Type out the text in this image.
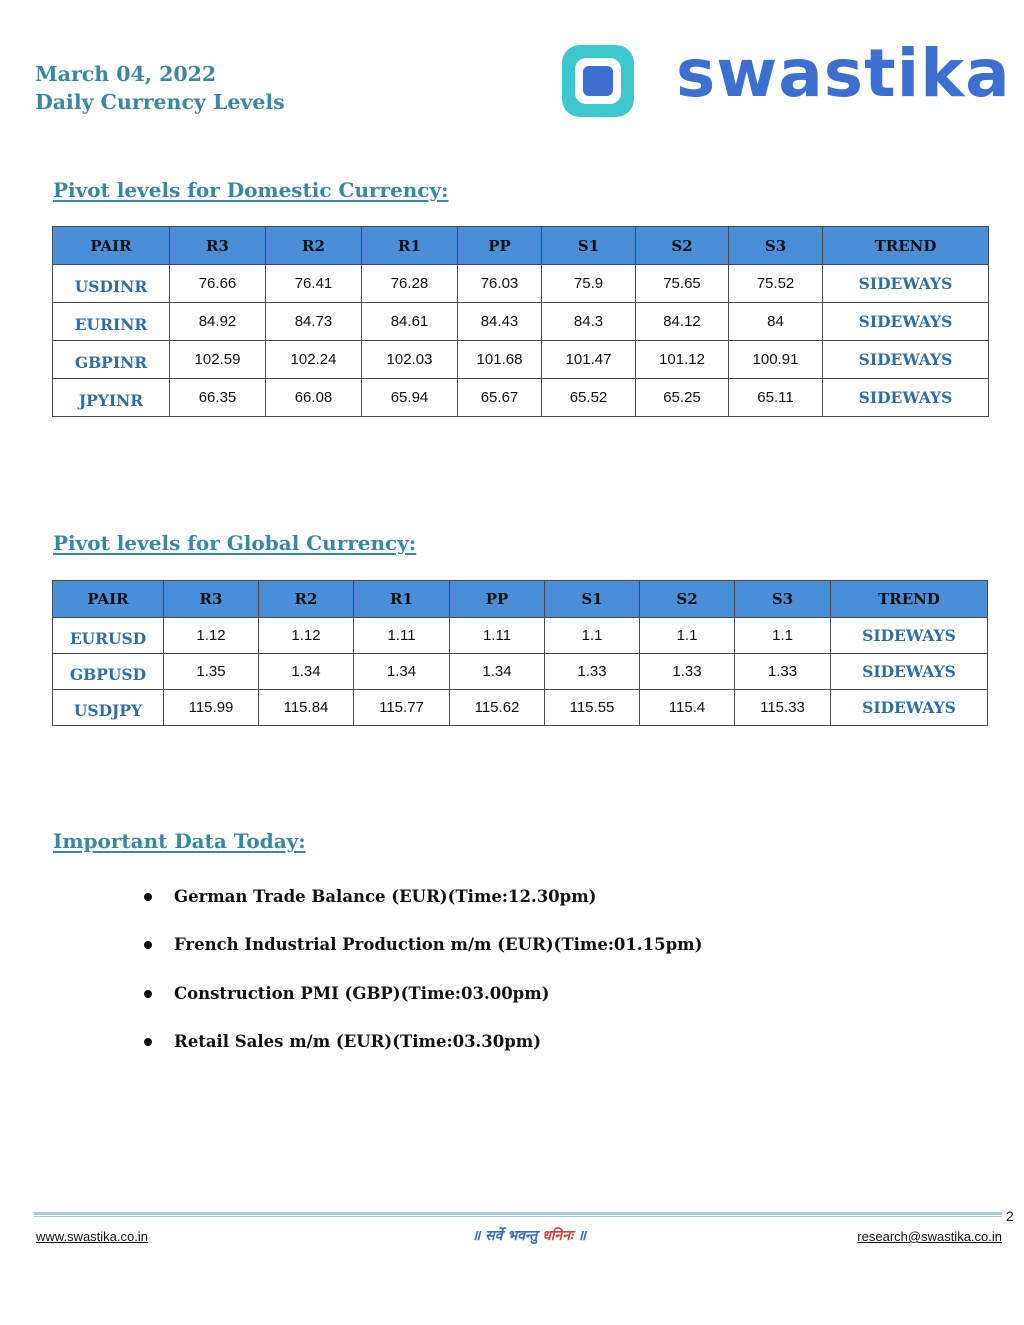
March 04, 2022
Daily Currency Levels	swastika
Pivot levels for Domestic Currency:
PAIR	R3	R2	R1	PP	S1	S2	S3	TREND
USDINR	76.66	76.41	76.28	76.03	75.9	75.65	75.52	SIDEWAYS
EURINR	84.92	84.73	84.61	84.43	84.3	84.12	84	SIDEWAYS
GBPINR	102.59	102.24	102.03	101.68	101.47	101.12	100.91	SIDEWAYS
JPYINR	66.35	66.08	65.94	65.67	65.52	65.25	65.11	SIDEWAYS
Pivot levels for Global Currency:
PAIR	R3	R2	R1	PP	S1	S2	S3	TREND
EURUSD	1.12	1.12	1.11	1.11	1.1	1.1	1.1	SIDEWAYS
GBPUSD	1.35	1.34	1.34	1.34	1.33	1.33	1.33	SIDEWAYS
USDJPY	115.99	115.84	115.77	115.62	115.55	115.4	115.33	SIDEWAYS
Important Data Today:
German Trade Balance (EUR)(Time:12.30pm)
French Industrial Production m/m (EUR)(Time:01.15pm)
Construction PMI (GBP)(Time:03.00pm)
Retail Sales m/m (EUR)(Time:03.30pm)
2
www.swastika.co.in	॥ सर्वे भवन्तु धनिनः ॥	research@swastika.co.in
